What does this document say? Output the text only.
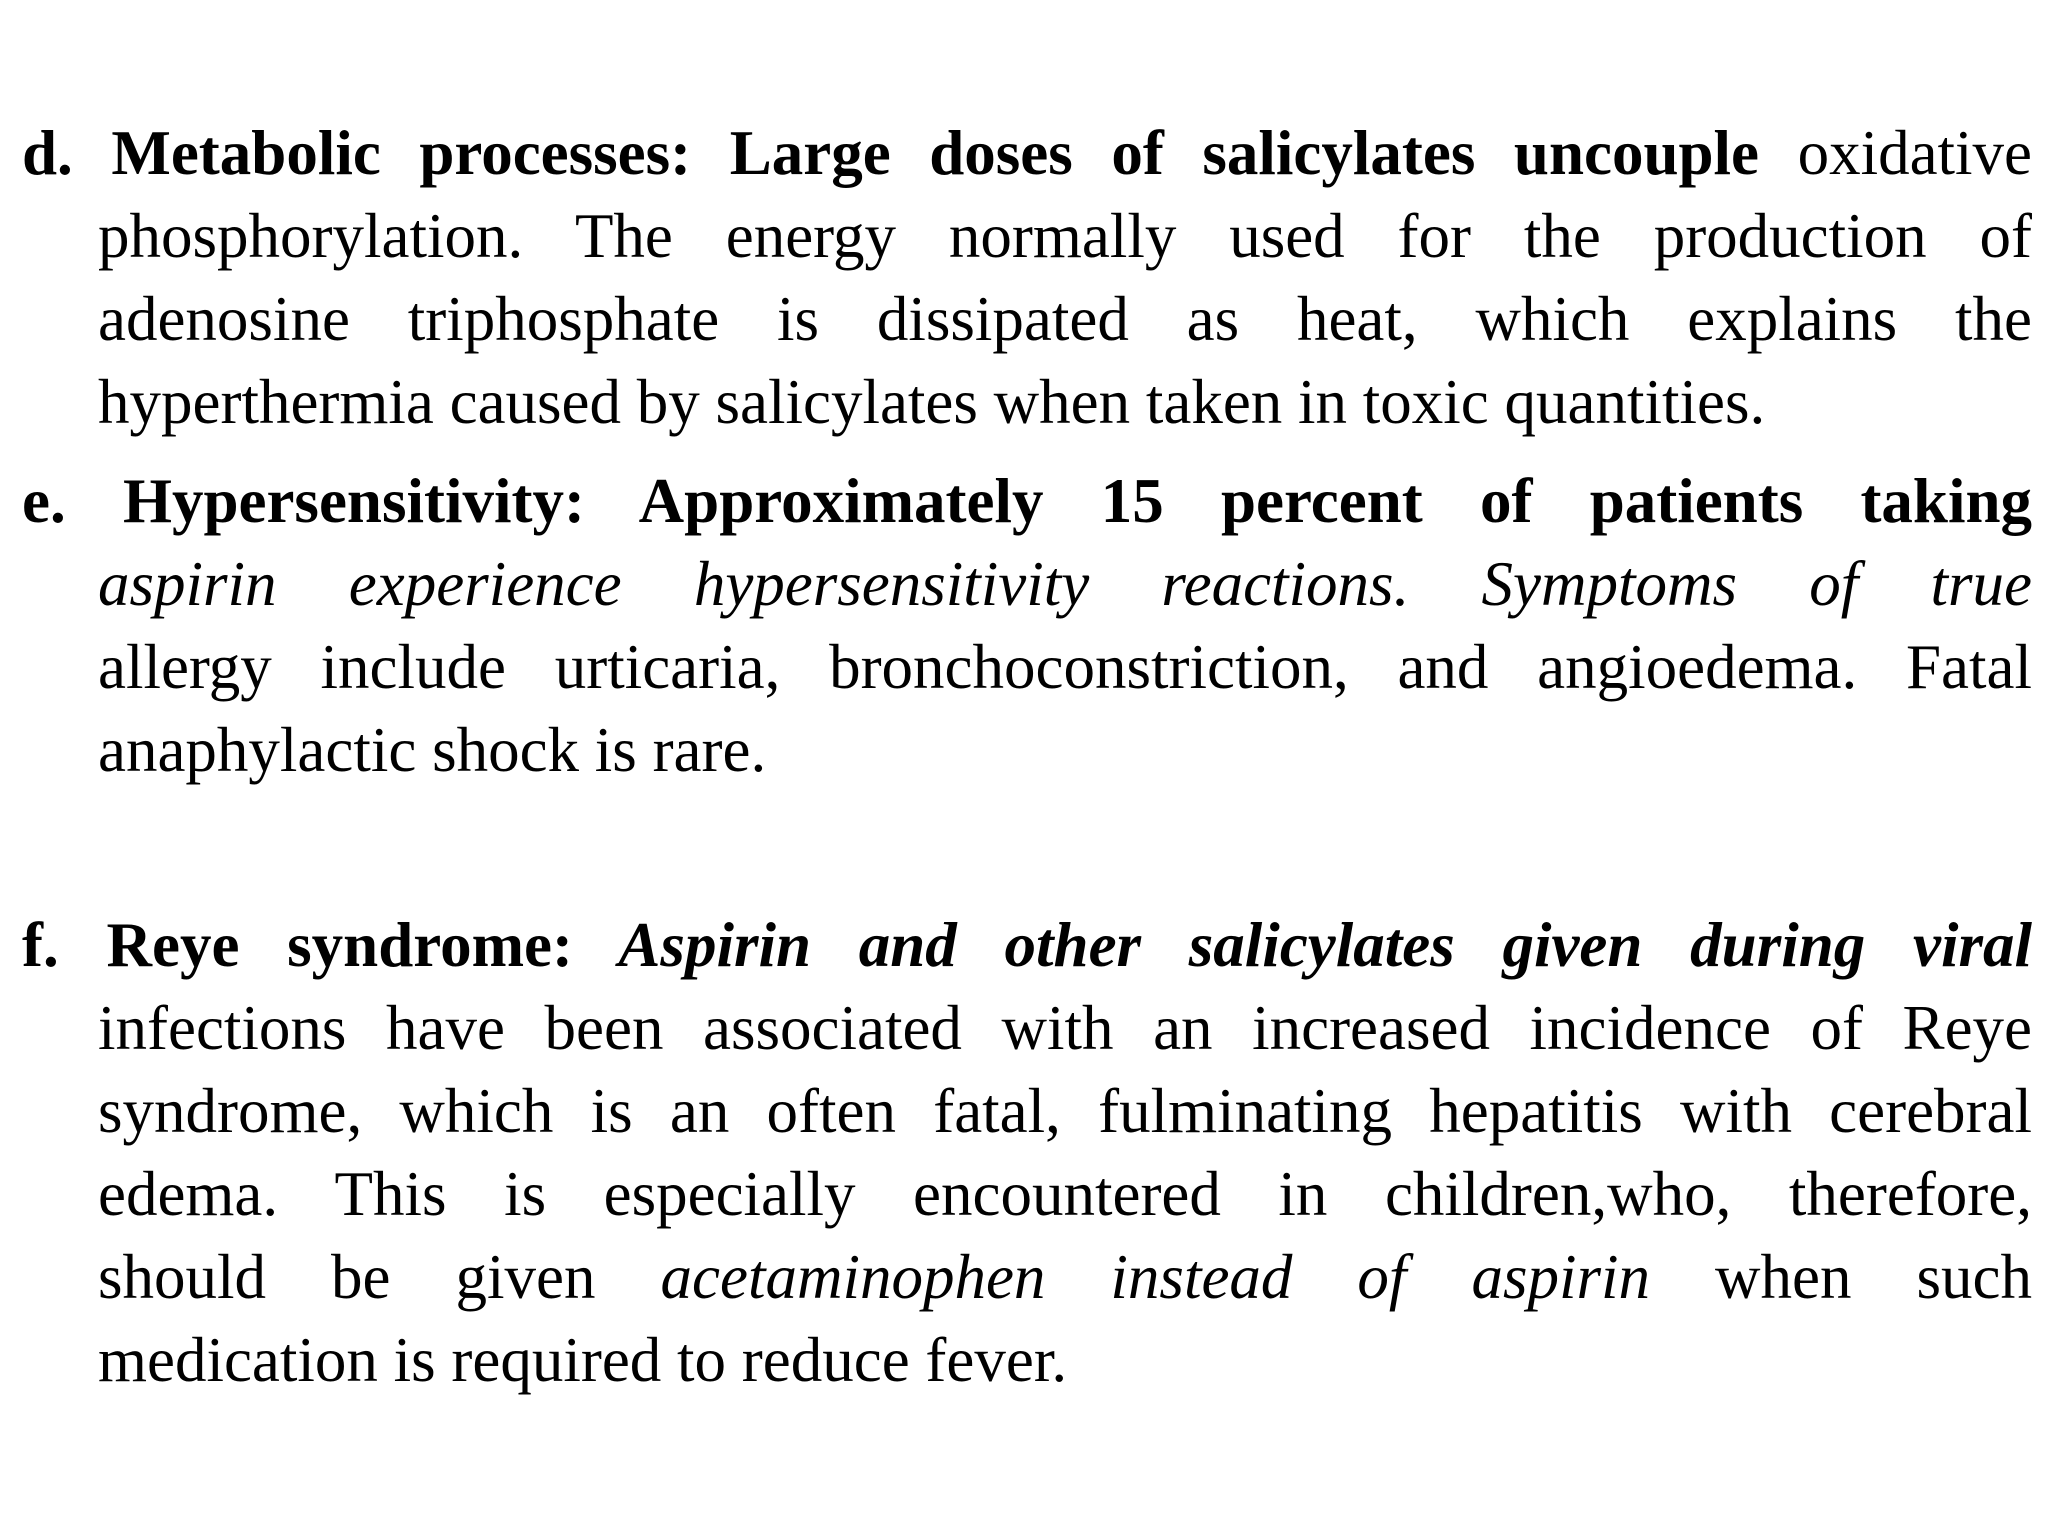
d. Metabolic processes: Large doses of salicylates uncouple oxidative
phosphorylation. The energy normally used for the production of
adenosine triphosphate is dissipated as heat, which explains the
hyperthermia caused by salicylates when taken in toxic quantities.
e. Hypersensitivity: Approximately 15 percent of patients taking
aspirin experience hypersensitivity reactions. Symptoms of true
allergy include urticaria, bronchoconstriction, and angioedema. Fatal
anaphylactic shock is rare.
f. Reye syndrome: Aspirin and other salicylates given during viral
infections have been associated with an increased incidence of Reye
syndrome, which is an often fatal, fulminating hepatitis with cerebral
edema. This is especially encountered in children,who, therefore,
should be given acetaminophen instead of aspirin when such
medication is required to reduce fever.
